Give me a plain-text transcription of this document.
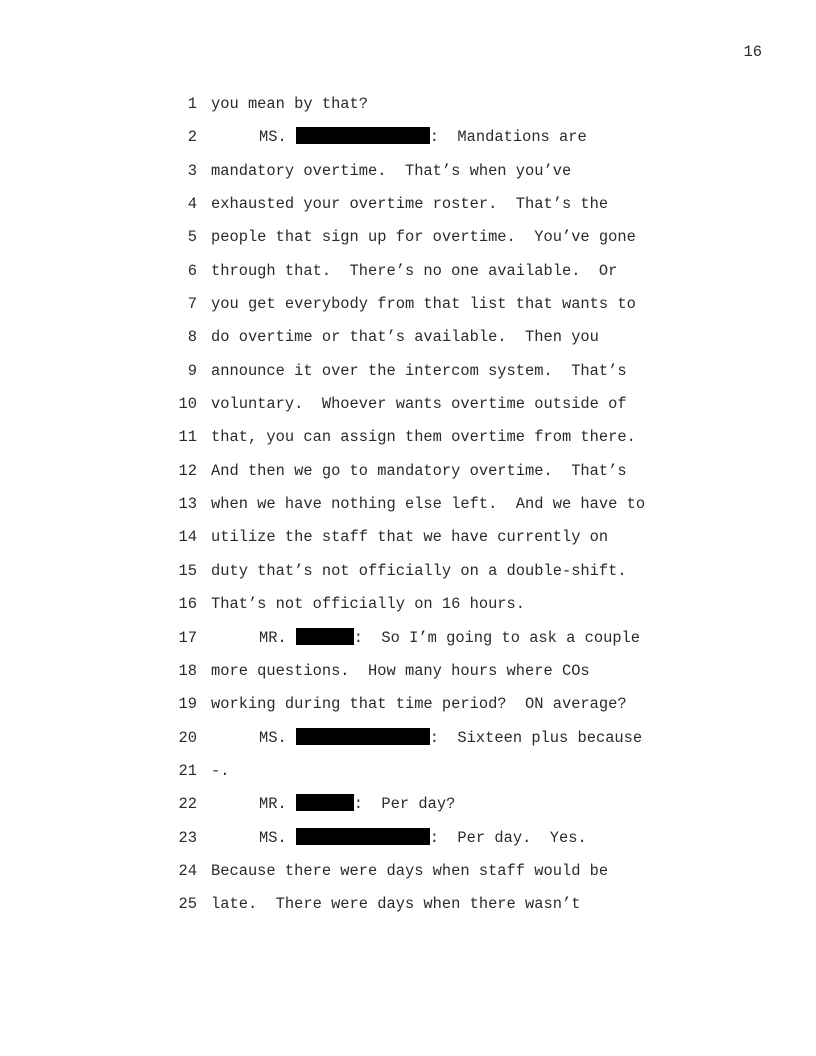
16
1 you mean by that?
2	MS.	:  Mandations are
3 mandatory overtime.  That’s when you’ve
4 exhausted your overtime roster.  That’s the
5 people that sign up for overtime.  You’ve gone
6 through that.  There’s no one available.  Or
7 you get everybody from that list that wants to
8 do overtime or that’s available.  Then you
9 announce it over the intercom system.  That’s
10 voluntary.  Whoever wants overtime outside of
11 that, you can assign them overtime from there.
12 And then we go to mandatory overtime.  That’s
13 when we have nothing else left.  And we have to
14 utilize the staff that we have currently on
15 duty that’s not officially on a double-shift.
16 That’s not officially on 16 hours.
17	MR.	:  So I’m going to ask a couple
18 more questions.  How many hours where COs
19 working during that time period?  ON average?
20	MS.	:  Sixteen plus because
21 -.
22	MR.	:  Per day?
23	MS.	:  Per day.  Yes.
24 Because there were days when staff would be
25 late.  There were days when there wasn’t
